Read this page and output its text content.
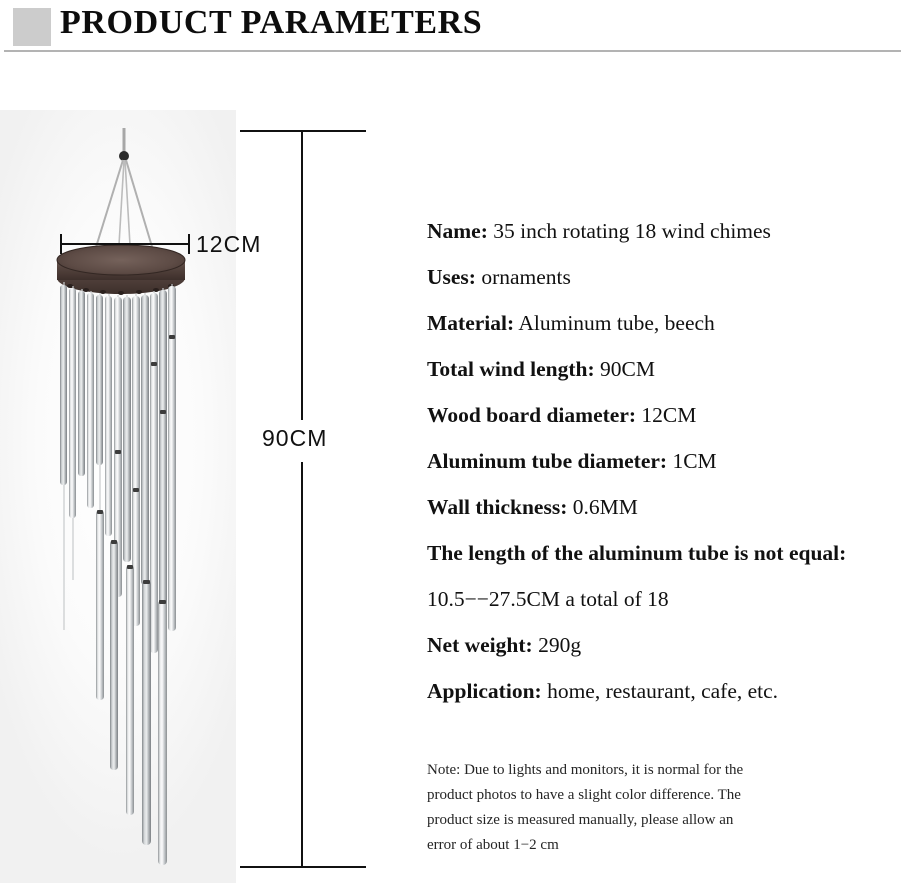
PRODUCT PARAMETERS
12CM
90CM
Name: 35 inch rotating 18 wind chimes
Uses: ornaments
Material: Aluminum tube, beech
Total wind length: 90CM
Wood board diameter: 12CM
Aluminum tube diameter: 1CM
Wall thickness: 0.6MM
The length of the aluminum tube is not equal:
10.5−−27.5CM a total of 18
Net weight: 290g
Application: home, restaurant, cafe, etc.
Note: Due to lights and monitors, it is normal for the
product photos to have a slight color difference. The
product size is measured manually, please allow an
error of about 1−2 cm
